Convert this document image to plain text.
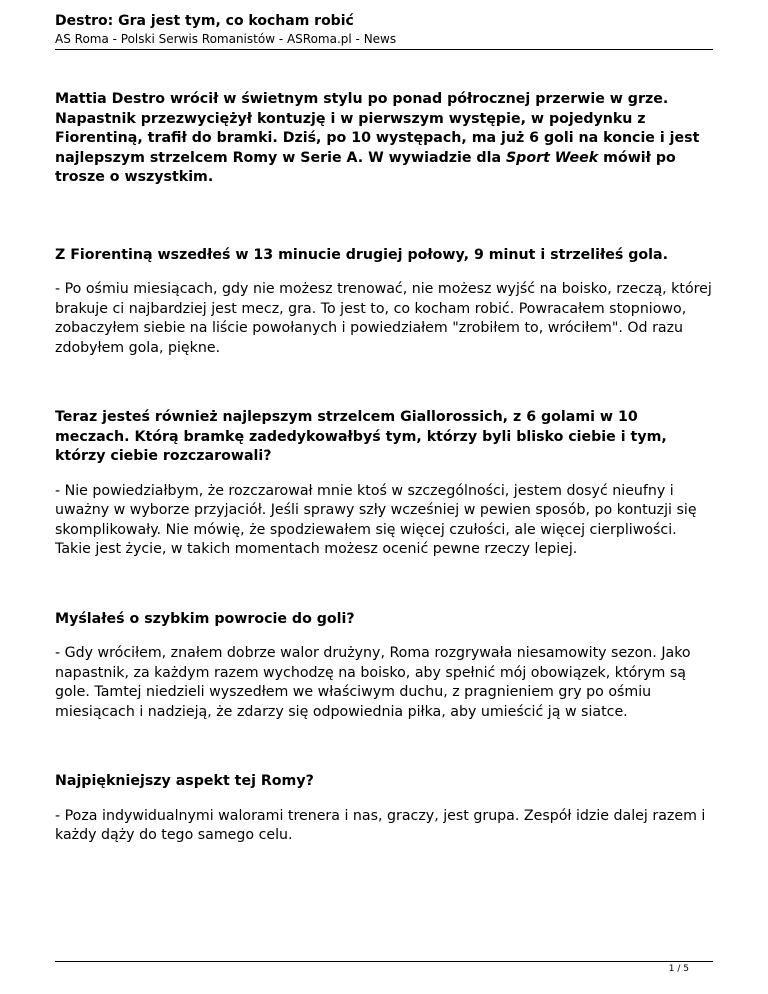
Destro: Gra jest tym, co kocham robić
AS Roma - Polski Serwis Romanistów - ASRoma.pl - News

Mattia Destro wrócił w świetnym stylu po ponad półrocznej przerwie w grze. Napastnik przezwyciężył kontuzję i w pierwszym występie, w pojedynku z Fiorentiną, trafił do bramki. Dziś, po 10 występach, ma już 6 goli na koncie i jest najlepszym strzelcem Romy w Serie A. W wywiadzie dla Sport Week mówił po trosze o wszystkim.

Z Fiorentiną wszedłeś w 13 minucie drugiej połowy, 9 minut i strzeliłeś gola.

- Po ośmiu miesiącach, gdy nie możesz trenować, nie możesz wyjść na boisko, rzeczą, której brakuje ci najbardziej jest mecz, gra. To jest to, co kocham robić. Powracałem stopniowo, zobaczyłem siebie na liście powołanych i powiedziałem "zrobiłem to, wróciłem". Od razu zdobyłem gola, piękne.

Teraz jesteś również najlepszym strzelcem Giallorossich, z 6 golami w 10 meczach. Którą bramkę zadedykowałbyś tym, którzy byli blisko ciebie i tym, którzy ciebie rozczarowali?

- Nie powiedziałbym, że rozczarował mnie ktoś w szczególności, jestem dosyć nieufny i uważny w wyborze przyjaciół. Jeśli sprawy szły wcześniej w pewien sposób, po kontuzji się skomplikowały. Nie mówię, że spodziewałem się więcej czułości, ale więcej cierpliwości. Takie jest życie, w takich momentach możesz ocenić pewne rzeczy lepiej.

Myślałeś o szybkim powrocie do goli?

- Gdy wróciłem, znałem dobrze walor drużyny, Roma rozgrywała niesamowity sezon. Jako napastnik, za każdym razem wychodzę na boisko, aby spełnić mój obowiązek, którym są gole. Tamtej niedzieli wyszedłem we właściwym duchu, z pragnieniem gry po ośmiu miesiącach i nadzieją, że zdarzy się odpowiednia piłka, aby umieścić ją w siatce.

Najpiękniejszy aspekt tej Romy?

- Poza indywidualnymi walorami trenera i nas, graczy, jest grupa. Zespół idzie dalej razem i każdy dąży do tego samego celu.

1 / 5
